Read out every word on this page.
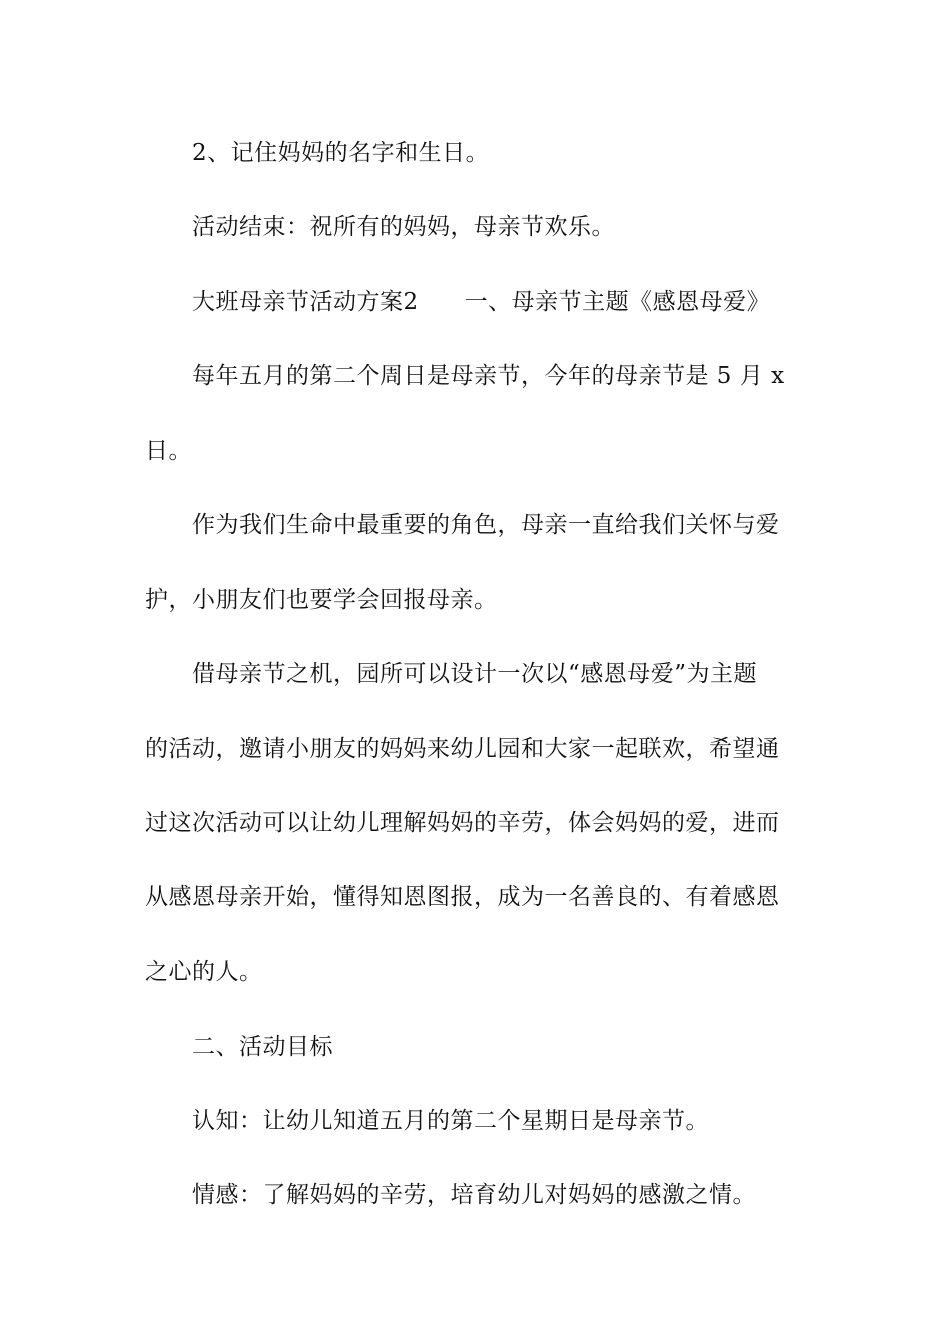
2、记住妈妈的名字和生日。
活动结束：祝所有的妈妈，母亲节欢乐。
大班母亲节活动方案2 一、母亲节主题《感恩母爱》
每年五月的第二个周日是母亲节，今年的母亲节是 5 月 x
日。
作为我们生命中最重要的角色，母亲一直给我们关怀与爱
护，小朋友们也要学会回报母亲。
借母亲节之机，园所可以设计一次以“感恩母爱”为主题
的活动，邀请小朋友的妈妈来幼儿园和大家一起联欢，希望通
过这次活动可以让幼儿理解妈妈的辛劳，体会妈妈的爱，进而
从感恩母亲开始，懂得知恩图报，成为一名善良的、有着感恩
之心的人。
二、活动目标
认知：让幼儿知道五月的第二个星期日是母亲节。
情感：了解妈妈的辛劳，培育幼儿对妈妈的感激之情。
